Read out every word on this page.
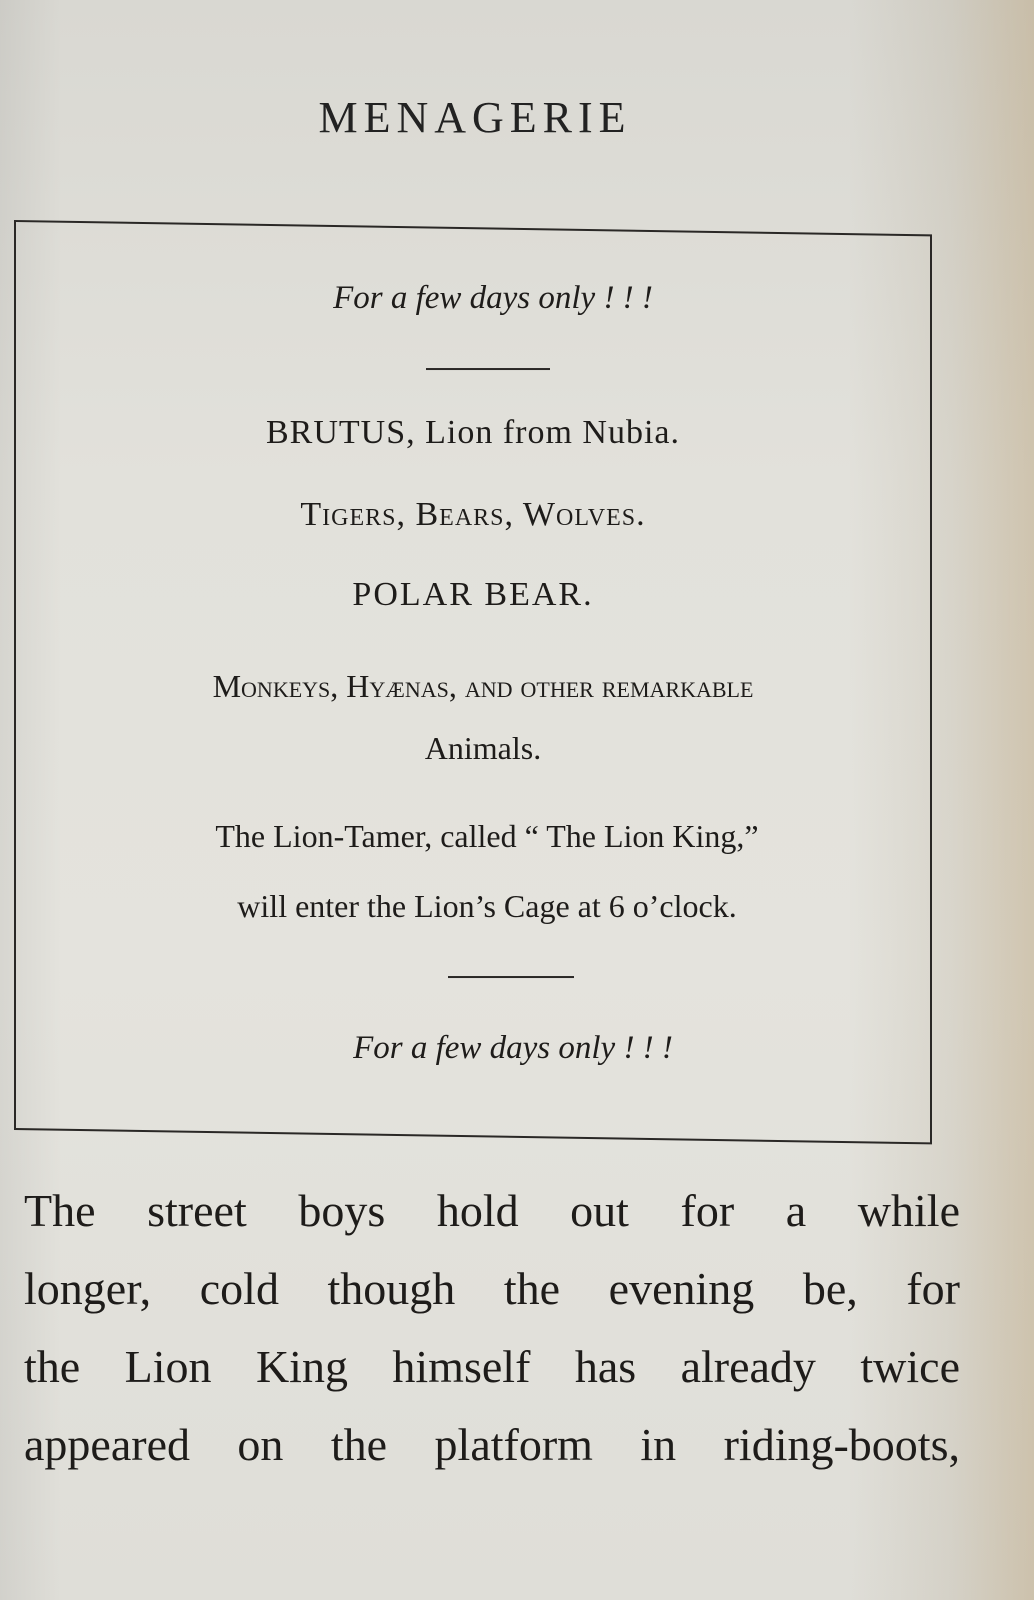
MENAGERIE
For a few days only ! ! !
BRUTUS, Lion from Nubia.
Tigers, Bears, Wolves.
POLAR BEAR.
Monkeys, Hyænas, and other remarkable
Animals.
The Lion-Tamer, called “ The Lion King,”
will enter the Lion’s Cage at 6 o’clock.
For a few days only ! ! !
The street boys hold out for a while
longer, cold though the evening be, for
the Lion King himself has already twice
appeared on the platform in riding-boots,
